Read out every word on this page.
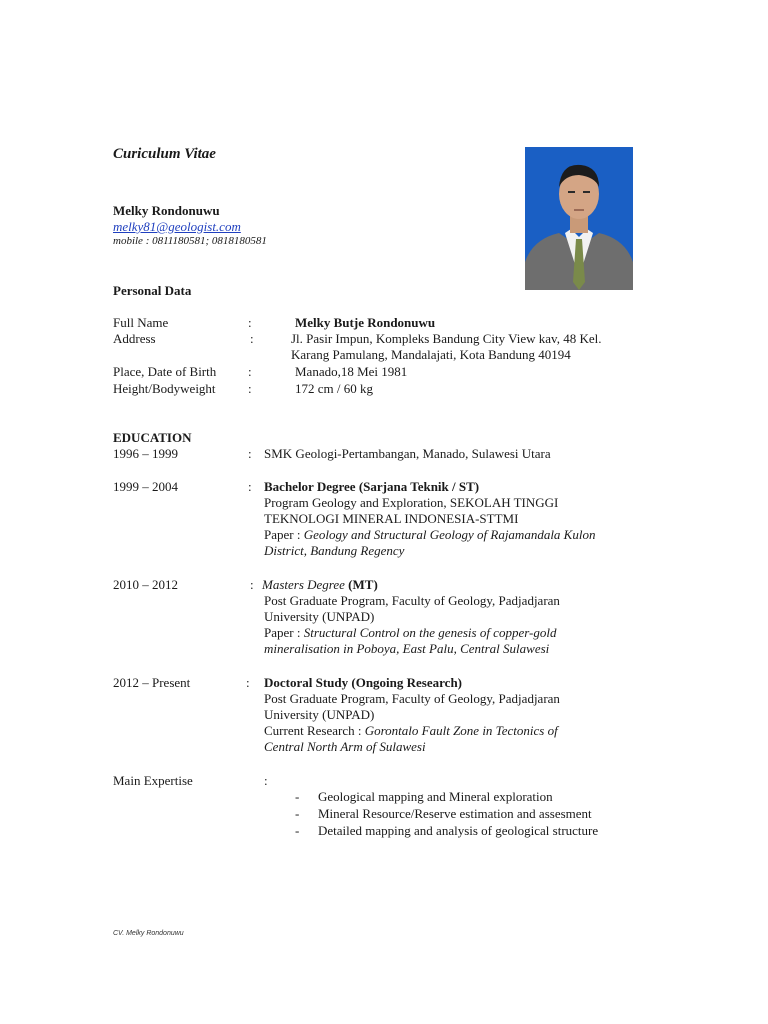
Curiculum Vitae
Melky Rondonuwu
melky81@geologist.com
mobile : 0811180581; 0818180581
Personal Data
Full Name	:	Melky Butje Rondonuwu
Address	:	Jl. Pasir Impun, Kompleks Bandung City View kav, 48 Kel.
Karang Pamulang, Mandalajati, Kota Bandung 40194
Place, Date of Birth :	Manado,18 Mei 1981
Height/Bodyweight :	172 cm / 60 kg
EDUCATION
1996 – 1999	: SMK Geologi-Pertambangan, Manado, Sulawesi Utara
1999 – 2004	: Bachelor Degree (Sarjana Teknik / ST)
Program Geology and Exploration, SEKOLAH TINGGI
TEKNOLOGI MINERAL INDONESIA-STTMI
Paper : Geology and Structural Geology of Rajamandala Kulon
District, Bandung Regency
2010 – 2012	: Masters Degree (MT)
Post Graduate Program, Faculty of Geology, Padjadjaran
University (UNPAD)
Paper : Structural Control on the genesis of copper-gold
mineralisation in Poboya, East Palu, Central Sulawesi
2012 – Present	: Doctoral Study (Ongoing Research)
Post Graduate Program, Faculty of Geology, Padjadjaran
University (UNPAD)
Current Research : Gorontalo Fault Zone in Tectonics of
Central North Arm of Sulawesi
Main Expertise	:
- Geological mapping and Mineral exploration
- Mineral Resource/Reserve estimation and assesment
- Detailed mapping and analysis of geological structure
CV. Melky Rondonuwu
